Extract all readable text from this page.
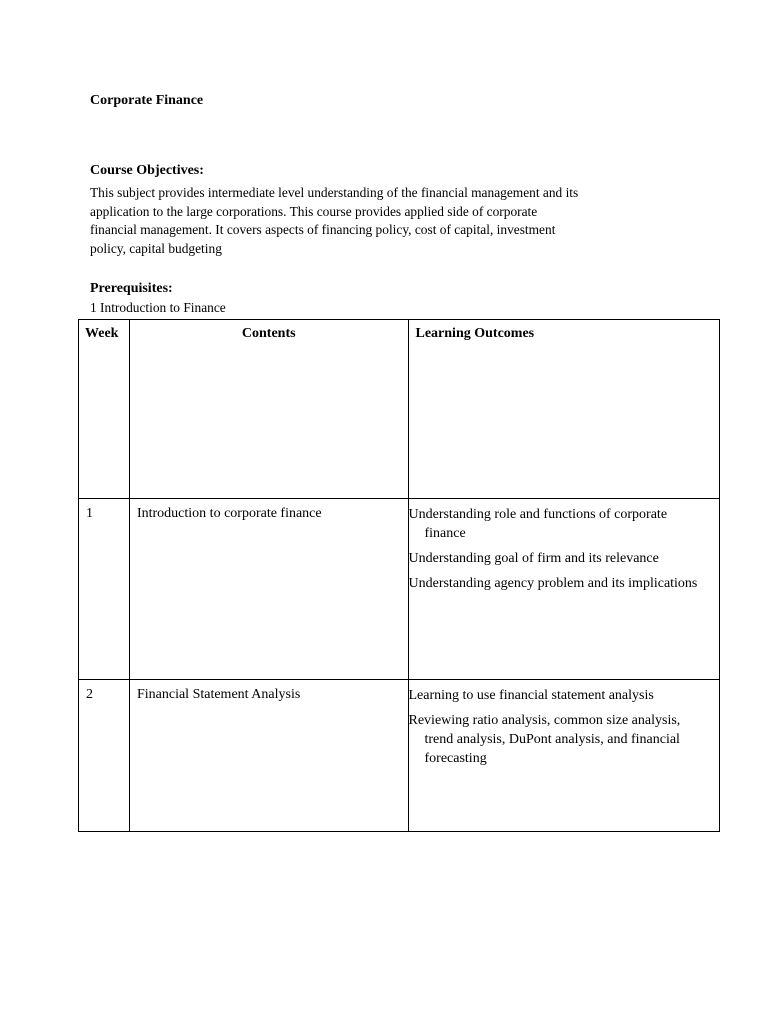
Corporate Finance
Course Objectives:
This subject provides intermediate level understanding of the financial management and its
application to the large corporations. This course provides applied side of corporate
financial management. It covers aspects of financing policy, cost of capital, investment
policy, capital budgeting
Prerequisites:
1 Introduction to Finance
Week	Contents	Learning Outcomes
1	Introduction to corporate finance	Understanding role and functions of corporate
finance

Understanding goal of firm and its relevance

Understanding agency problem and its implications

2	Financial Statement Analysis	Learning to use financial statement analysis

Reviewing ratio analysis, common size analysis,
trend analysis, DuPont analysis, and financial
forecasting
